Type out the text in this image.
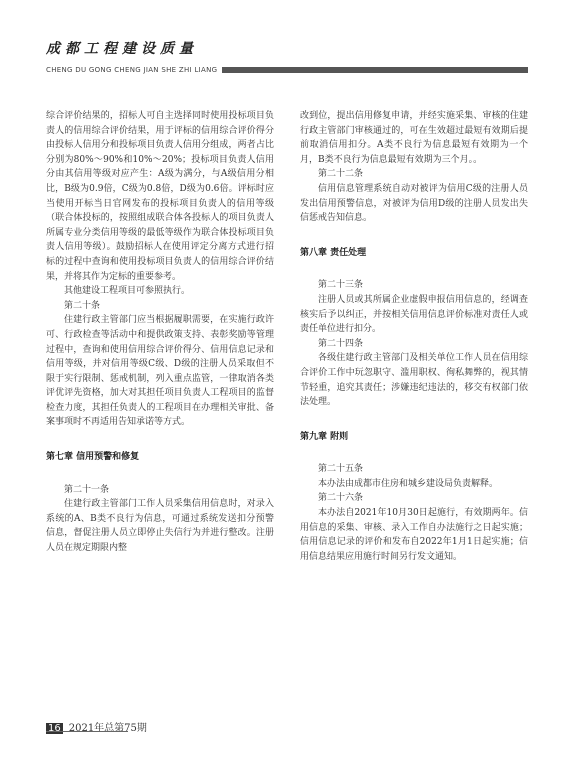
成都工程建设质量
CHENG DU GONG CHENG JIAN SHE ZHI LIANG

综合评价结果的，招标人可自主选择同时使用投标项目负责人的信用综合评价结果，用于评标的信用综合评价得分由投标人信用分和投标项目负责人信用分组成，两者占比分别为80%～90%和10%～20%；投标项目负责人信用分由其信用等级对应产生：A级为满分，与A级信用分相比，B级为0.9倍，C级为0.8倍，D级为0.6倍。评标时应当使用开标当日官网发布的投标项目负责人的信用等级（联合体投标的，按照组成联合体各投标人的项目负责人所属专业分类信用等级的最低等级作为联合体投标项目负责人信用等级）。鼓励招标人在使用评定分离方式进行招标的过程中查询和使用投标项目负责人的信用综合评价结果，并将其作为定标的重要参考。

其他建设工程项目可参照执行。

第二十条

住建行政主管部门应当根据履职需要，在实施行政许可、行政检查等活动中和提供政策支持、表彰奖励等管理过程中，查询和使用信用综合评价得分、信用信息记录和信用等级，并对信用等级C级、D级的注册人员采取但不限于实行限制、惩戒机制，列入重点监管，一律取消各类评优评先资格，加大对其担任项目负责人工程项目的监督检查力度，其担任负责人的工程项目在办理相关审批、备案事项时不再适用告知承诺等方式。

第七章 信用预警和修复

第二十一条

住建行政主管部门工作人员采集信用信息时，对录入系统的A、B类不良行为信息，可通过系统发送扣分预警信息，督促注册人员立即停止失信行为并进行整改。注册人员在规定期限内整

改到位，提出信用修复申请，并经实施采集、审核的住建行政主管部门审核通过的，可在生效超过最短有效期后提前取消信用扣分。A类不良行为信息最短有效期为一个月，B类不良行为信息最短有效期为三个月。。

第二十二条

信用信息管理系统自动对被评为信用C级的注册人员发出信用预警信息，对被评为信用D级的注册人员发出失信惩戒告知信息。

第八章 责任处理

第二十三条

注册人员或其所属企业虚假申报信用信息的，经调查核实后予以纠正，并按相关信用信息评价标准对责任人或责任单位进行扣分。

第二十四条

各级住建行政主管部门及相关单位工作人员在信用综合评价工作中玩忽职守、滥用职权、徇私舞弊的，视其情节轻重，追究其责任；涉嫌违纪违法的，移交有权部门依法处理。

第九章 附则

第二十五条

本办法由成都市住房和城乡建设局负责解释。

第二十六条

本办法自2021年10月30日起施行，有效期两年。信用信息的采集、审核、录入工作自办法施行之日起实施；信用信息记录的评价和发布自2022年1月1日起实施；信用信息结果应用施行时间另行发文通知。

16 2021年总第75期
